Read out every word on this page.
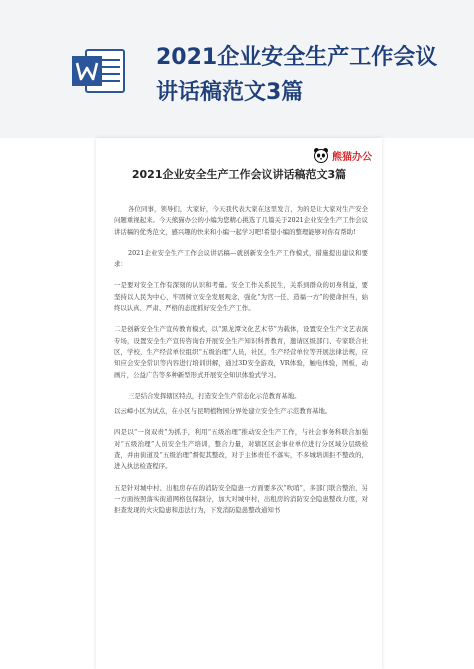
2021企业安全生产工作会议讲话稿范文3篇
熊猫办公
2021企业安全生产工作会议讲话稿范文3篇

各位同事，领导们，大家好，今天我代表大家在这里发言，为的是让大家对生产安全问题重视起来。今天熊猫办公的小编为您精心挑选了几篇关于2021企业安全生产工作会议讲话稿的优秀范文，感兴趣的快来和小编一起学习吧!希望小编的整理能够对你有帮助!

2021企业安全生产工作会议讲话稿—就创新安全生产工作模式，措施提出建议和要求：

一是要对安全工作有深刻的认识和考量。安全工作关系民生，关系到群众的切身利益，要坚持以人民为中心，牢固树立安全发展观念，强化“为官一任、造福一方”的使命担当，始终以认真、严肃、严格的态度抓好安全生产工作。

二是创新安全生产宣传教育模式，以“黑龙潭文化艺术节”为载体，设置安全生产文艺表演专场，设置安全生产宣传咨询台开展安全生产知识科普教育，邀请区级部门、专家联合社区，学校，生产经营单位组织“五级治理”人员，社区，生产经营单位等开展法律法规，应知应会安全常识等内容进行培训讲解，通过3D安全游戏，VR体验，触电体验，图板，动画片，公益广告等多种新型形式开展安全知识体验式学习。

三是结合发挥辖区特点，打造安全生产常态化示范教育基地。

以云嶂小区为试点，在小区与昆明植物园分界处建立安全生产示范教育基地。

四是以“一岗双责”为抓手，利用“五级治理”推动安全生产工作，与社会事务科联合加强对“五级治理”人员安全生产培训，整合力量，对辖区区企事业单位进行分区域分层级检查，并由街道及“五级治理”督促其整改，对于主体责任不落实，不多城培训拒不整改的，进入执法检查程序。

五是针对城中村、出租房存在的消防安全隐患一方面要多次“吹哨”，多部门联合整治，另一方面按照落实街道网格包保制分，加大对城中村，出租房的消防安全隐患整改力度，对拒查发现的火灾隐患和违法行为，下发消防隐患整改通知书
